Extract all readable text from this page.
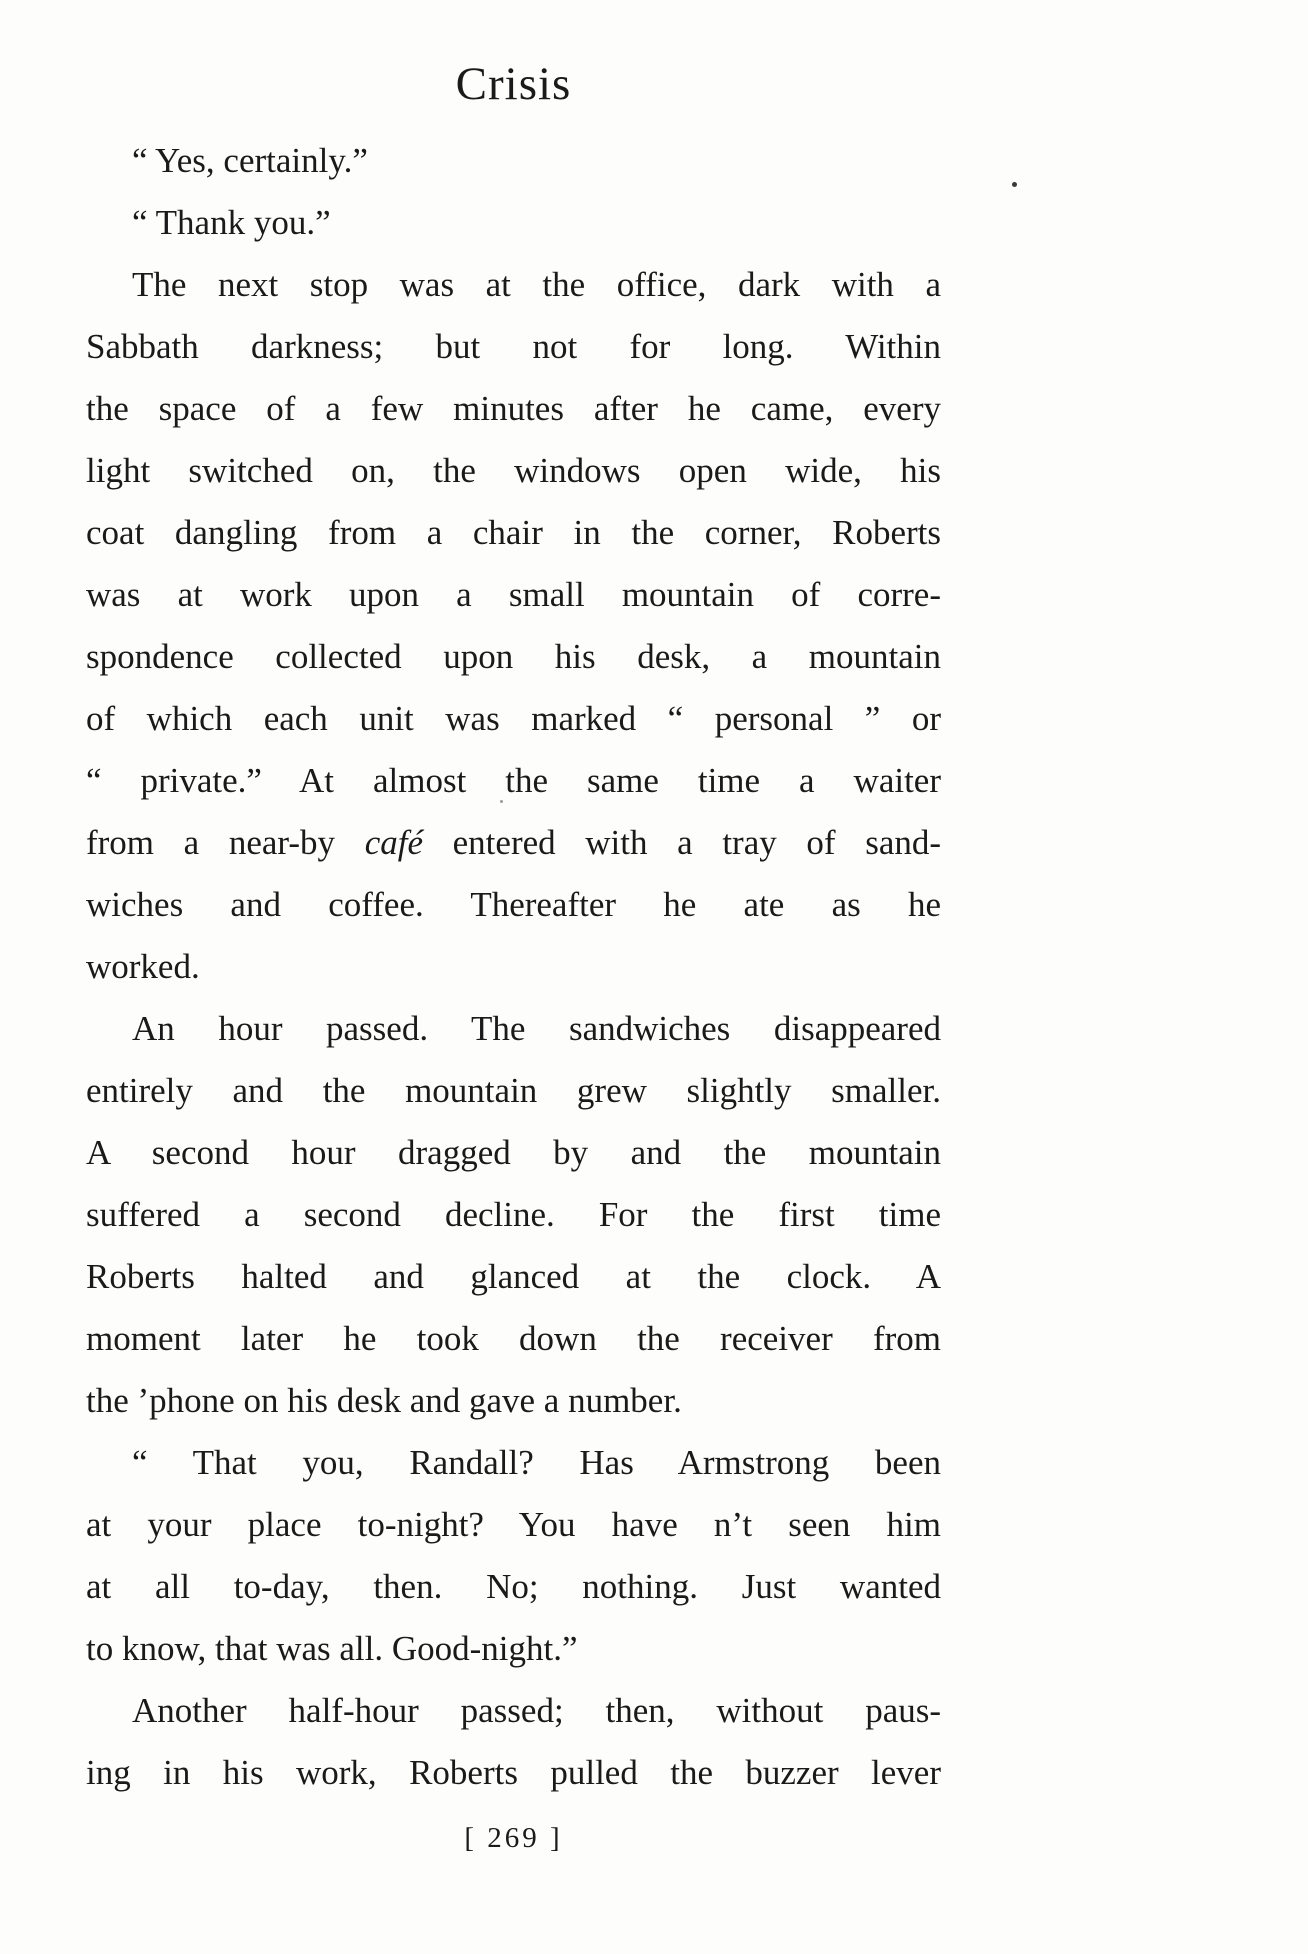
Crisis
“ Yes, certainly.”
“ Thank you.”
The next stop was at the office, dark with a
Sabbath darkness; but not for long. Within
the space of a few minutes after he came, every
light switched on, the windows open wide, his
coat dangling from a chair in the corner, Roberts
was at work upon a small mountain of corre-
spondence collected upon his desk, a mountain
of which each unit was marked “ personal ” or
“ private.” At almost the same time a waiter
from a near-by café entered with a tray of sand-
wiches and coffee. Thereafter he ate as he
worked.
An hour passed. The sandwiches disappeared
entirely and the mountain grew slightly smaller.
A second hour dragged by and the mountain
suffered a second decline. For the first time
Roberts halted and glanced at the clock. A
moment later he took down the receiver from
the ’phone on his desk and gave a number.
“ That you, Randall? Has Armstrong been
at your place to-night? You have n’t seen him
at all to-day, then. No; nothing. Just wanted
to know, that was all. Good-night.”
Another half-hour passed; then, without paus-
ing in his work, Roberts pulled the buzzer lever
[ 269 ]
